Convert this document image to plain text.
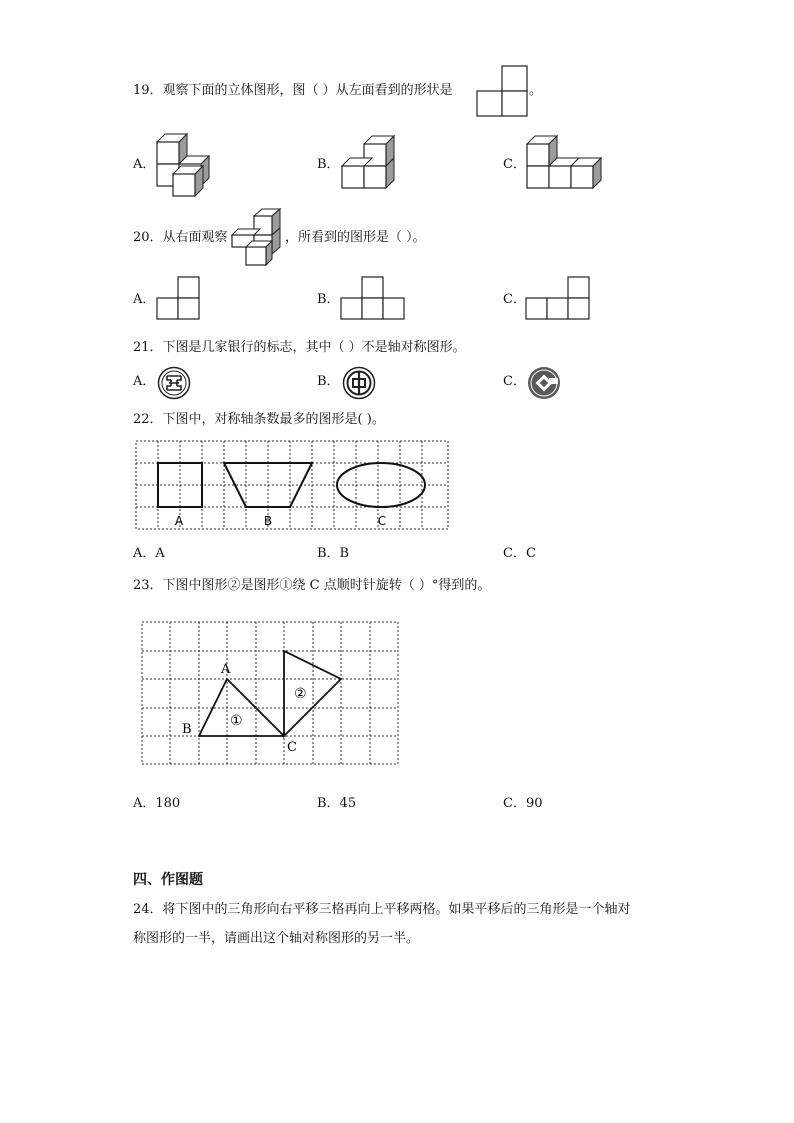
19．观察下面的立体图形，图（ ）从左面看到的形状是	。
A．	B．	C．
20．从右面观察	，所看到的图形是（ ）。
A．	B．	C．
21．下图是几家银行的标志，其中（ ）不是轴对称图形。
A．	B．	C．
22．下图中，对称轴条数最多的图形是( )。
A	B	C
A．A	B．B	C．C
23．下图中图形②是图形①绕 C 点顺时针旋转（ ）°得到的。
A
B
C
①
②
A．180	B．45	C．90
四、作图题
24．将下图中的三角形向右平移三格再向上平移两格。如果平移后的三角形是一个轴对
称图形的一半，请画出这个轴对称图形的另一半。
